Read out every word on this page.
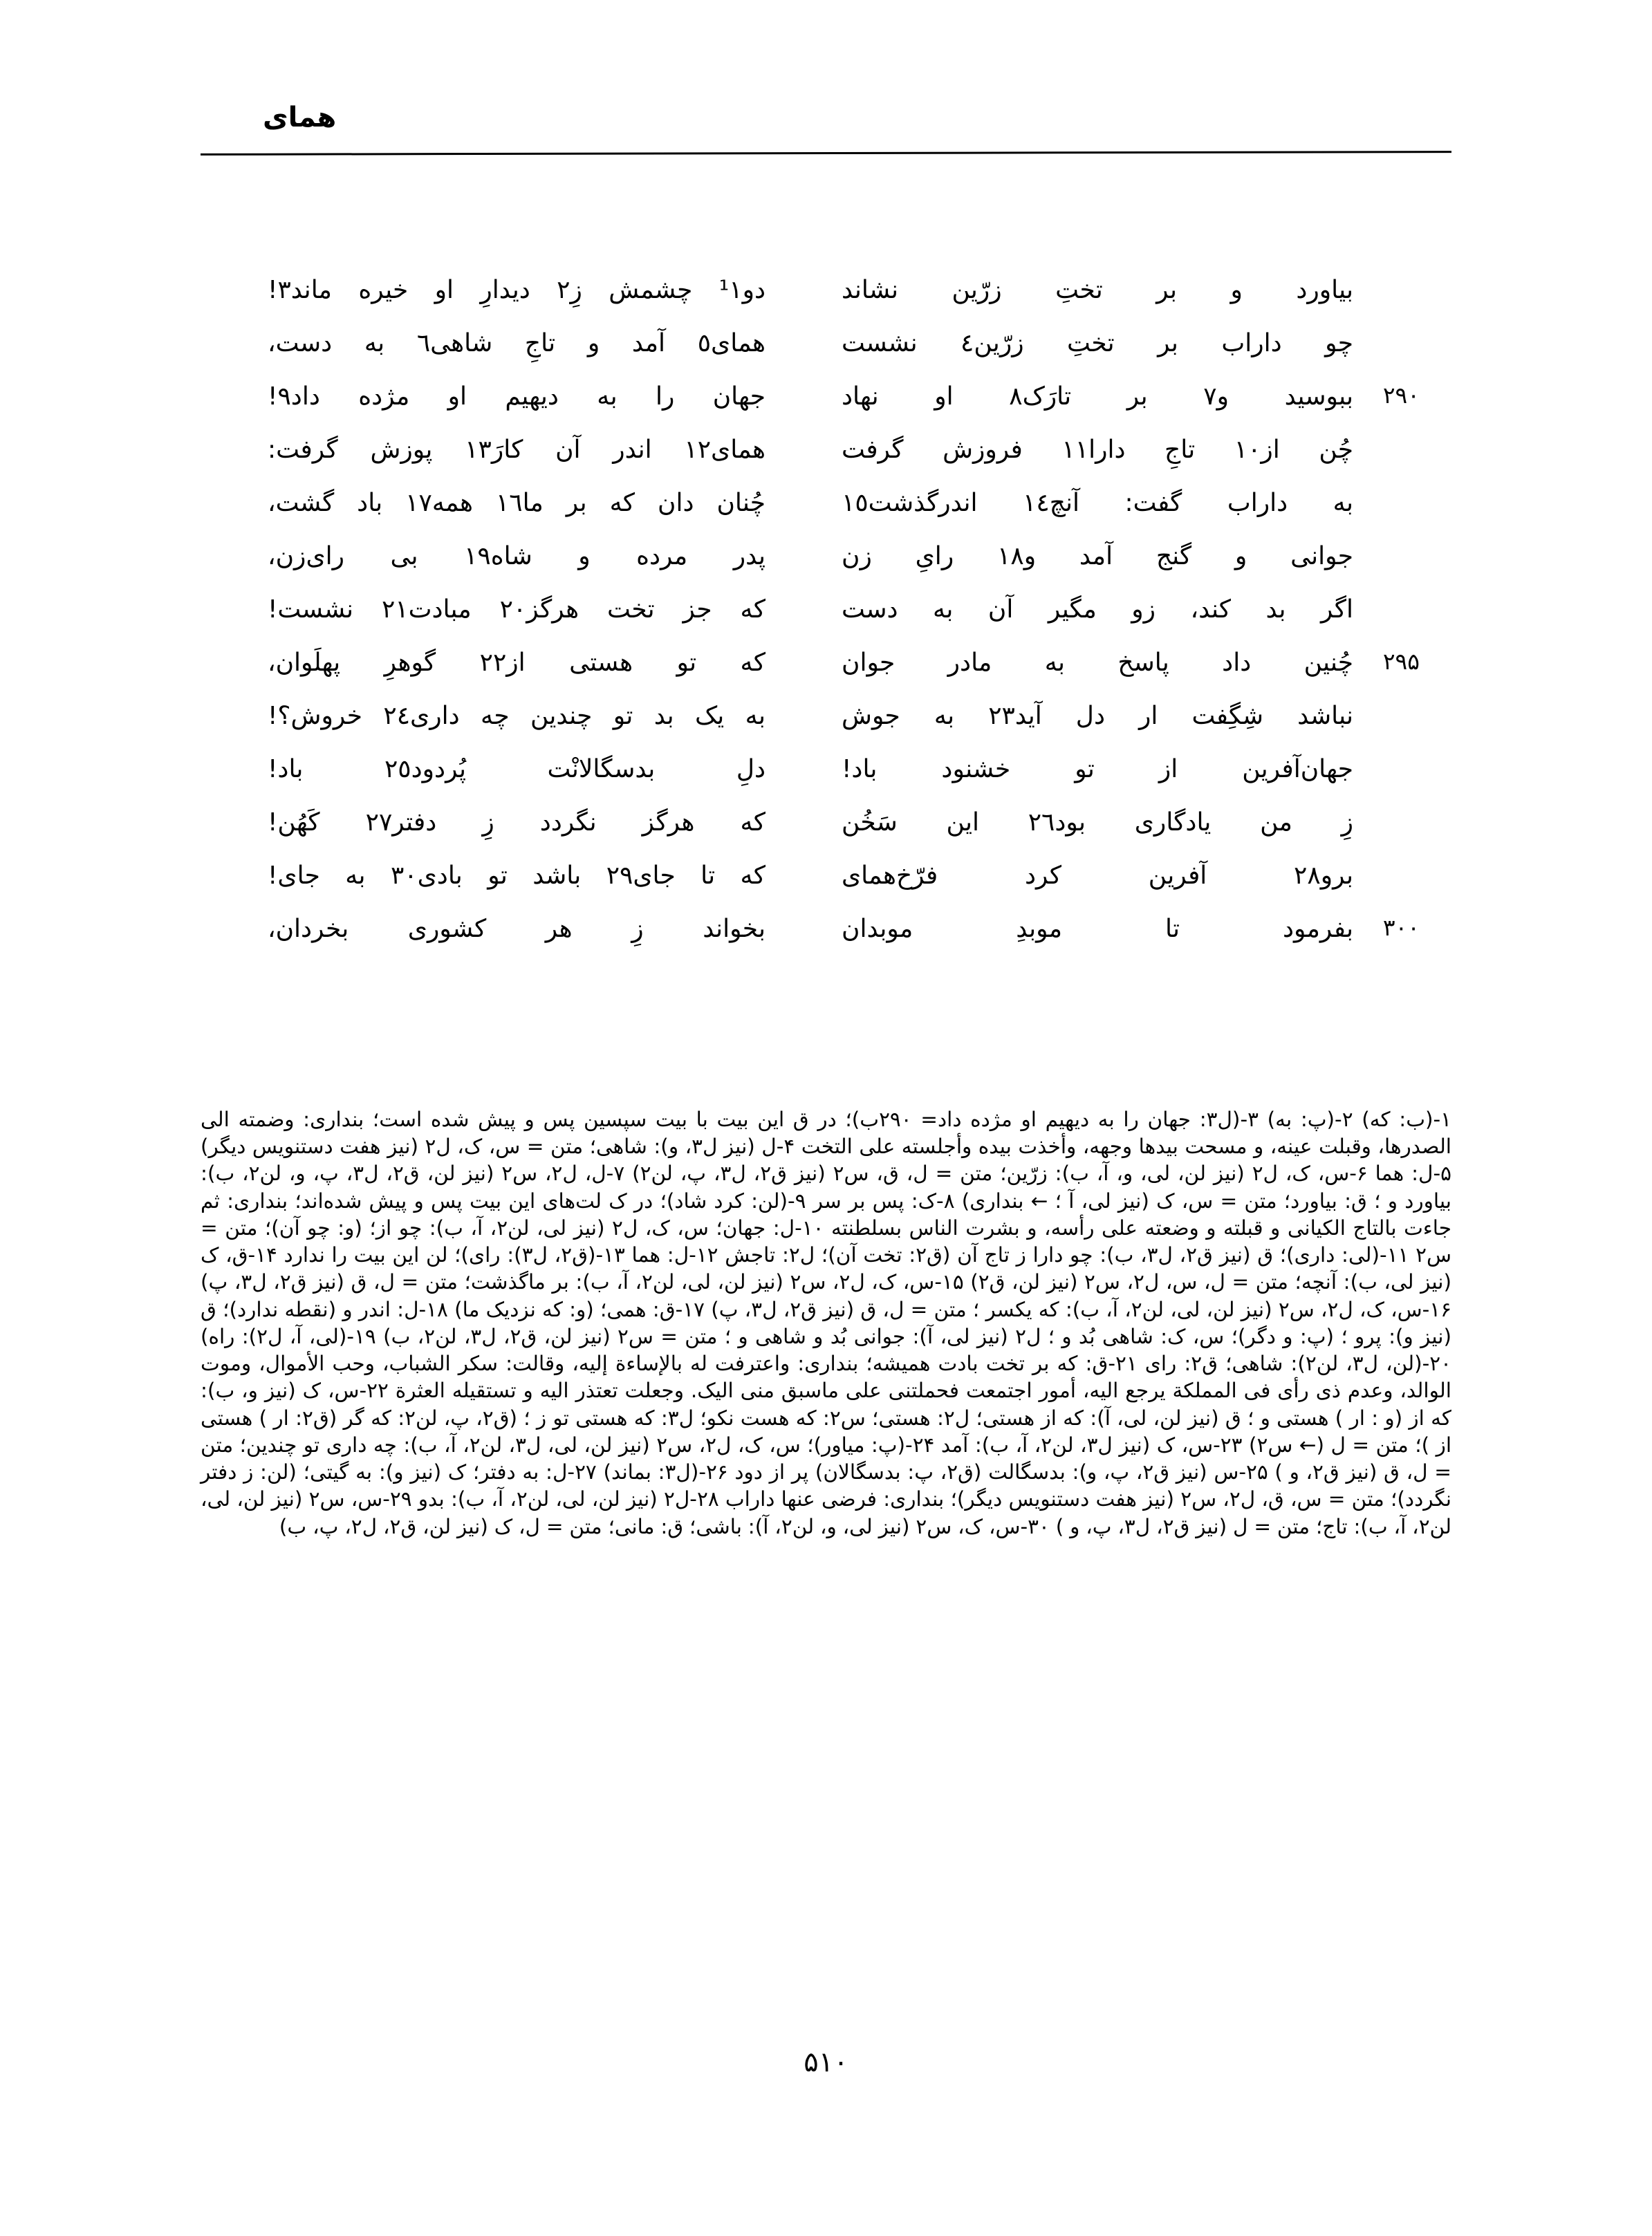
همای
بیاورد و بر تختِ زرّین نشاند
دو¹١ چشمش زِ٢ دیدارِ او خیره ماند٣!
چو داراب بر تختِ زرّین٤ نشست
همای٥ آمد و تاجِ شاهی٦ به دست،
۲۹۰
ببوسید و٧ بر تارَک٨ او نهاد
جهان را به دیهیم او مژده داد٩!
چُن از١٠ تاجِ دارا١١ فروزش گرفت
همای١٢ اندر آن کارَ١٣ پوزش گرفت:
به داراب گفت: آنچ١٤ اندرگذشت١٥
چُنان دان که بر ما١٦ همه١٧ باد گشت،
جوانی و گنج آمد و١٨ رایِ زن
پدر مرده و شاه١٩ بی رای‌زن،
اگر بد کند، زو مگیر آن به دست
که جز تخت هرگز٢٠ مبادت٢١ نشست!
۲۹۵
چُنین داد پاسخ به مادر جوان
که تو هستی از٢٢ گوهرِ پهلَوان،
نباشد شِگِفت ار دل آید٢٣ به جوش
به یک بد تو چندین چه داری٢٤ خروش؟!
جهان‌آفرین از تو خشنود باد!
دلِ بدسگالانْت پُردود٢٥ باد!
زِ من یادگاری بود٢٦ این سَخُن
که هرگز نگردد زِ دفتر٢٧ کَهُن!
برو٢٨ آفرین کرد فرّخ‌همای
که تا جای٢٩ باشد تو بادی٣٠ به جای!
۳۰۰
بفرمود تا موبدِ موبدان
بخواند زِ هر کشوری بخردان،

۱-(ب: که) ۲-(پ: به) ۳-(ل٣: جهان را به دیهیم او مژده داد= ۲۹۰ب)؛ در ق این بیت با بیت سپسین پس و پیش شده است؛ بنداری: وضمته الی الصدرها، وقبلت عینه، و مسحت بیدها وجهه، وأخذت بیده وأجلسته علی التخت ۴-ل (نیز ل٣، و): شاهی؛ متن = س، ک، ل٢ (نیز هفت دستنویس دیگر) ۵-ل: هما ۶-س، ک، ل٢ (نیز لن، لی، و، آ، ب): زرّین؛ متن = ل، ق، س٢ (نیز ق٢، ل٣، پ، لن٢) ۷-ل، ل٢، س٢ (نیز لن، ق٢، ل٣، پ، و، لن٢، ب): بیاورد و ؛ ق: بیاورد؛ متن = س، ک (نیز لی، آ ؛ ← بنداری) ۸-ک: پس بر سر ۹-(لن: کرد شاد)؛ در ک لت‌های این بیت پس و پیش شده‌اند؛ بنداری: ثم جاءت بالتاج الکیانی و قبلته و وضعته علی رأسه، و بشرت الناس بسلطنته ۱۰-ل: جهان؛ س، ک، ل٢ (نیز لی، لن٢، آ، ب): چو از؛ (و: چو آن)؛ متن = س٢ ۱۱-(لی: داری)؛ ق (نیز ق٢، ل٣، ب): چو دارا ز تاج آن (ق٢: تخت آن)؛ ل٢: تاجش ۱۲-ل: هما ۱۳-(ق٢، ل٣): رای)؛ لن این بیت را ندارد ۱۴-ق، ک (نیز لی، ب): آنچه؛ متن = ل، س، ل٢، س٢ (نیز لن، ق٢) ۱۵-س، ک، ل٢، س٢ (نیز لن، لی، لن٢، آ، ب): بر ماگذشت؛ متن = ل، ق (نیز ق٢، ل٣، پ) ۱۶-س، ک، ل٢، س٢ (نیز لن، لی، لن٢، آ، ب): که یکسر ؛ متن = ل، ق (نیز ق٢، ل٣، پ) ۱۷-ق: همی؛ (و: که نزدیک ما) ۱۸-ل: اندر و (نقطه ندارد)؛ ق (نیز و): پرو ؛ (پ: و دگر)؛ س، ک: شاهی بُد و ؛ ل٢ (نیز لی، آ): جوانی بُد و شاهی و ؛ متن = س٢ (نیز لن، ق٢، ل٣، لن٢، ب) ۱۹-(لی، آ، ل٢): راه) ۲۰-(لن، ل٣، لن٢): شاهی؛ ق٢: رای ۲۱-ق: که بر تخت بادت همیشه؛ بنداری: واعترفت له بالإساءة إلیه، وقالت: سکر الشباب، وحب الأموال، وموت الوالد، وعدم ذی رأی فی المملکة یرجع الیه، أمور اجتمعت فحملتنی علی ماسبق منی الیک. وجعلت تعتذر الیه و تستقیله العثرة ۲۲-س، ک (نیز و، ب): که از (و : ار ) هستی و ؛ ق (نیز لن، لی، آ): که از هستی؛ ل٢: هستی؛ س٢: که هست نکو؛ ل٣: که هستی تو ز ؛ (ق٢، پ، لن٢: که گر (ق٢: ار ) هستی از )؛ متن = ل (← س٢) ۲۳-س، ک (نیز ل٣، لن٢، آ، ب): آمد ۲۴-(پ: میاور)؛ س، ک، ل٢، س٢ (نیز لن، لی، ل٣، لن٢، آ، ب): چه داری تو چندین؛ متن = ل، ق (نیز ق٢، و ) ۲۵-س (نیز ق٢، پ، و): بدسگالت (ق٢، پ: بدسگالان) پر از دود ۲۶-(ل٣: بماند) ۲۷-ل: به دفتر؛ ک (نیز و): به گیتی؛ (لن: ز دفتر نگردد)؛ متن = س، ق، ل٢، س٢ (نیز هفت دستنویس دیگر)؛ بنداری: فرضی عنها داراب ۲۸-ل٢ (نیز لن، لی، لن٢، آ، ب): بدو ۲۹-س، س٢ (نیز لن، لی، لن٢، آ، ب): تاج؛ متن = ل (نیز ق٢، ل٣، پ، و ) ۳۰-س، ک، س٢ (نیز لی، و، لن٢، آ): باشی؛ ق: مانی؛ متن = ل، ک (نیز لن، ق٢، ل٢، پ، ب)

۵۱۰
